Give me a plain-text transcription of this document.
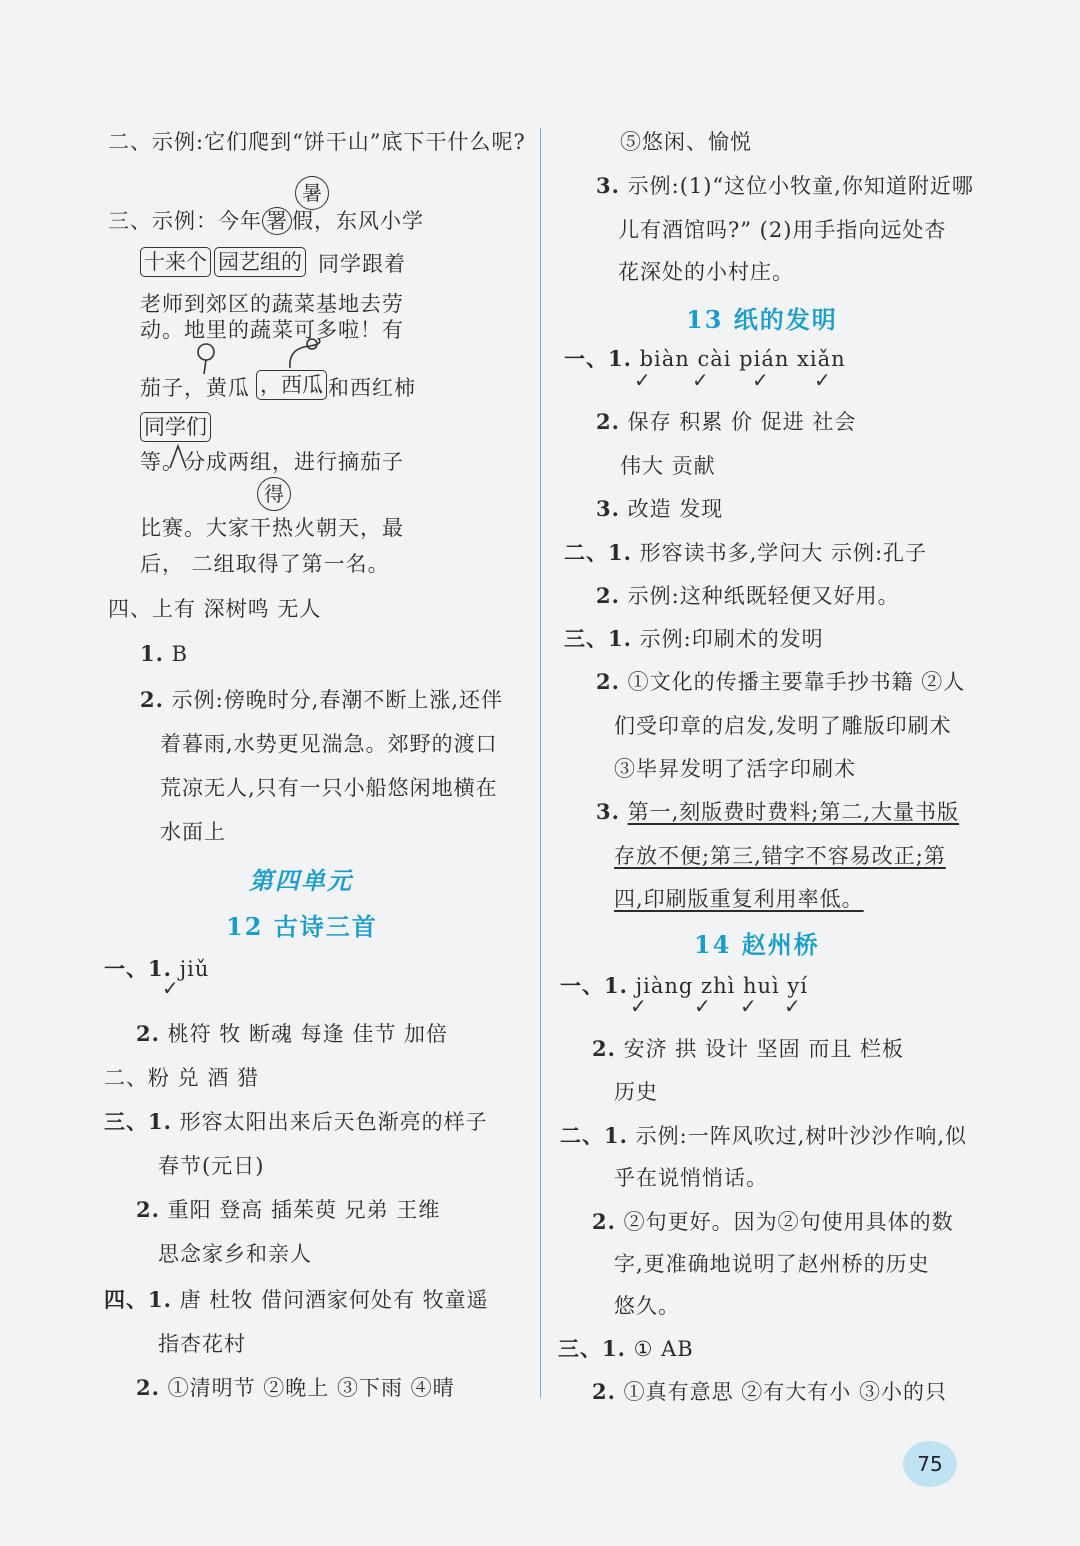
二、示例:它们爬到“饼干山”底下干什么呢?
暑
三、示例：今年 署 假，东风小学
十来个 园艺组的 同学跟着
老师到郊区的蔬菜基地去劳
动。地里的蔬菜可多啦！有
茄子，黄瓜 ，西瓜 和西红柿
同学们
等。分成两组，进行摘茄子
得
比赛。大家干热火朝天，最
后， 二组取得了第一名。
四、上有 深树鸣 无人
1. B
2. 示例:傍晚时分,春潮不断上涨,还伴
着暮雨,水势更见湍急。郊野的渡口
荒凉无人,只有一只小船悠闲地横在
水面上
第四单元
12 古诗三首
一、1. jiǔ
✓
2. 桃符 牧 断魂 每逢 佳节 加倍
二、粉 兑 酒 猎
三、1. 形容太阳出来后天色渐亮的样子
春节(元日)
2. 重阳 登高 插茱萸 兄弟 王维
思念家乡和亲人
四、1. 唐 杜牧 借问酒家何处有 牧童遥
指杏花村
2. ①清明节 ②晚上 ③下雨 ④晴
⑤悠闲、愉悦
3. 示例:(1)“这位小牧童,你知道附近哪
儿有酒馆吗?” (2)用手指向远处杏
花深处的小村庄。
13 纸的发明
一、1. biàn cài pián xiǎn
✓ ✓ ✓ ✓
2. 保存 积累 价 促进 社会
伟大 贡献
3. 改造 发现
二、1. 形容读书多,学问大 示例:孔子
2. 示例:这种纸既轻便又好用。
三、1. 示例:印刷术的发明
2. ①文化的传播主要靠手抄书籍 ②人
们受印章的启发,发明了雕版印刷术
③毕昇发明了活字印刷术
3. 第一,刻版费时费料;第二,大量书版
存放不便;第三,错字不容易改正;第
四,印刷版重复利用率低。
14 赵州桥
一、1. jiàng zhì huì yí
✓ ✓ ✓ ✓
2. 安济 拱 设计 坚固 而且 栏板
历史
二、1. 示例:一阵风吹过,树叶沙沙作响,似
乎在说悄悄话。
2. ②句更好。因为②句使用具体的数
字,更准确地说明了赵州桥的历史
悠久。
三、1. ① AB
2. ①真有意思 ②有大有小 ③小的只
75
